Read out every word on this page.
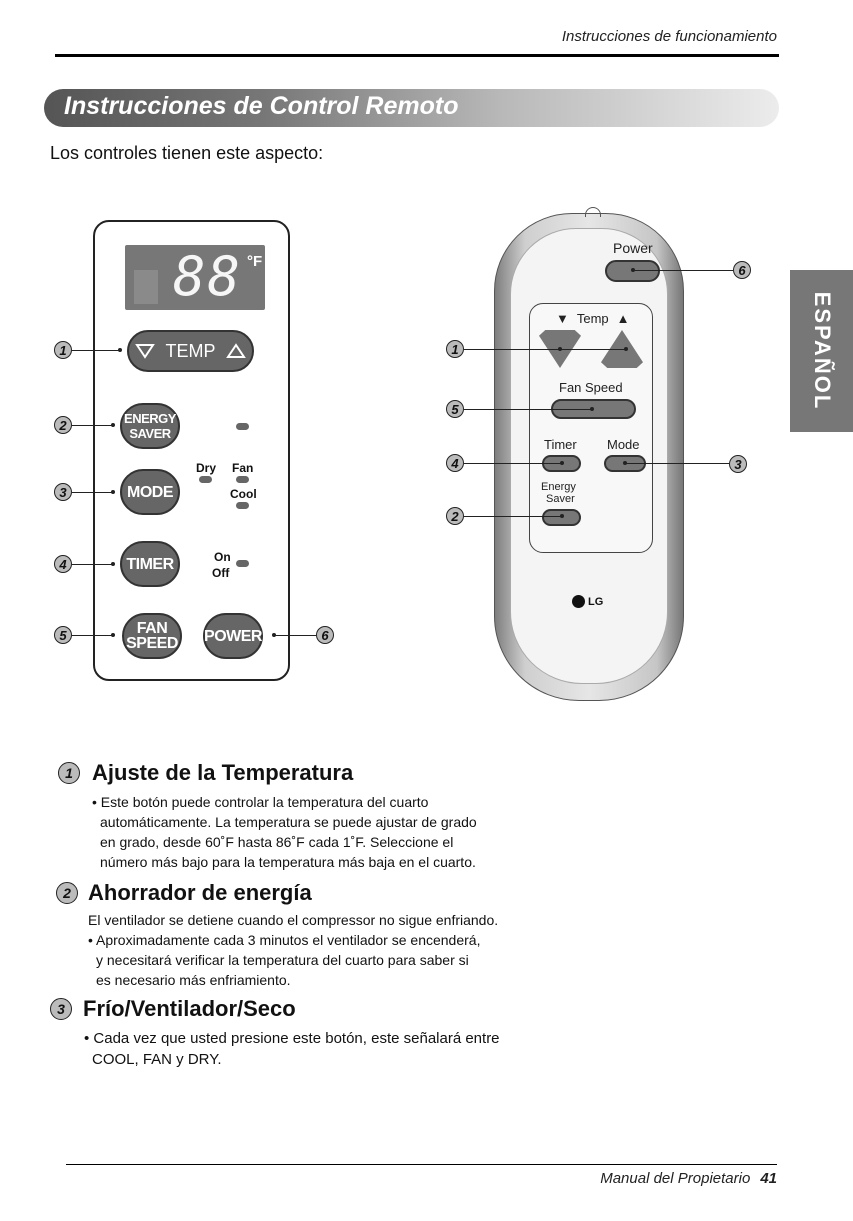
Instrucciones de funcionamiento
Instrucciones de Control Remoto
Los controles tienen este aspecto:
ESPAÑOL
88 °F
TEMP
ENERGY
SAVER
MODE
Dry Fan
Cool
TIMER	On
Off
FAN
SPEED POWER
1
2
3
4
5	6
Power
▼ Temp ▲
Fan Speed
Timer Mode
Energy
Saver
LG
6
1
5
4	3
2
1 Ajuste de la Temperatura
• Este botón puede controlar la temperatura del cuarto
automáticamente. La temperatura se puede ajustar de grado
en grado, desde 60˚F hasta 86˚F cada 1˚F. Seleccione el
número más bajo para la temperatura más baja en el cuarto.
2 Ahorrador de energía
El ventilador se detiene cuando el compressor no sigue enfriando.
• Aproximadamente cada 3 minutos el ventilador se encenderá,
y necesitará verificar la temperatura del cuarto para saber si
es necesario más enfriamiento.
3 Frío/Ventilador/Seco
• Cada vez que usted presione este botón, este señalará entre
COOL, FAN y DRY.
Manual del Propietario 41
